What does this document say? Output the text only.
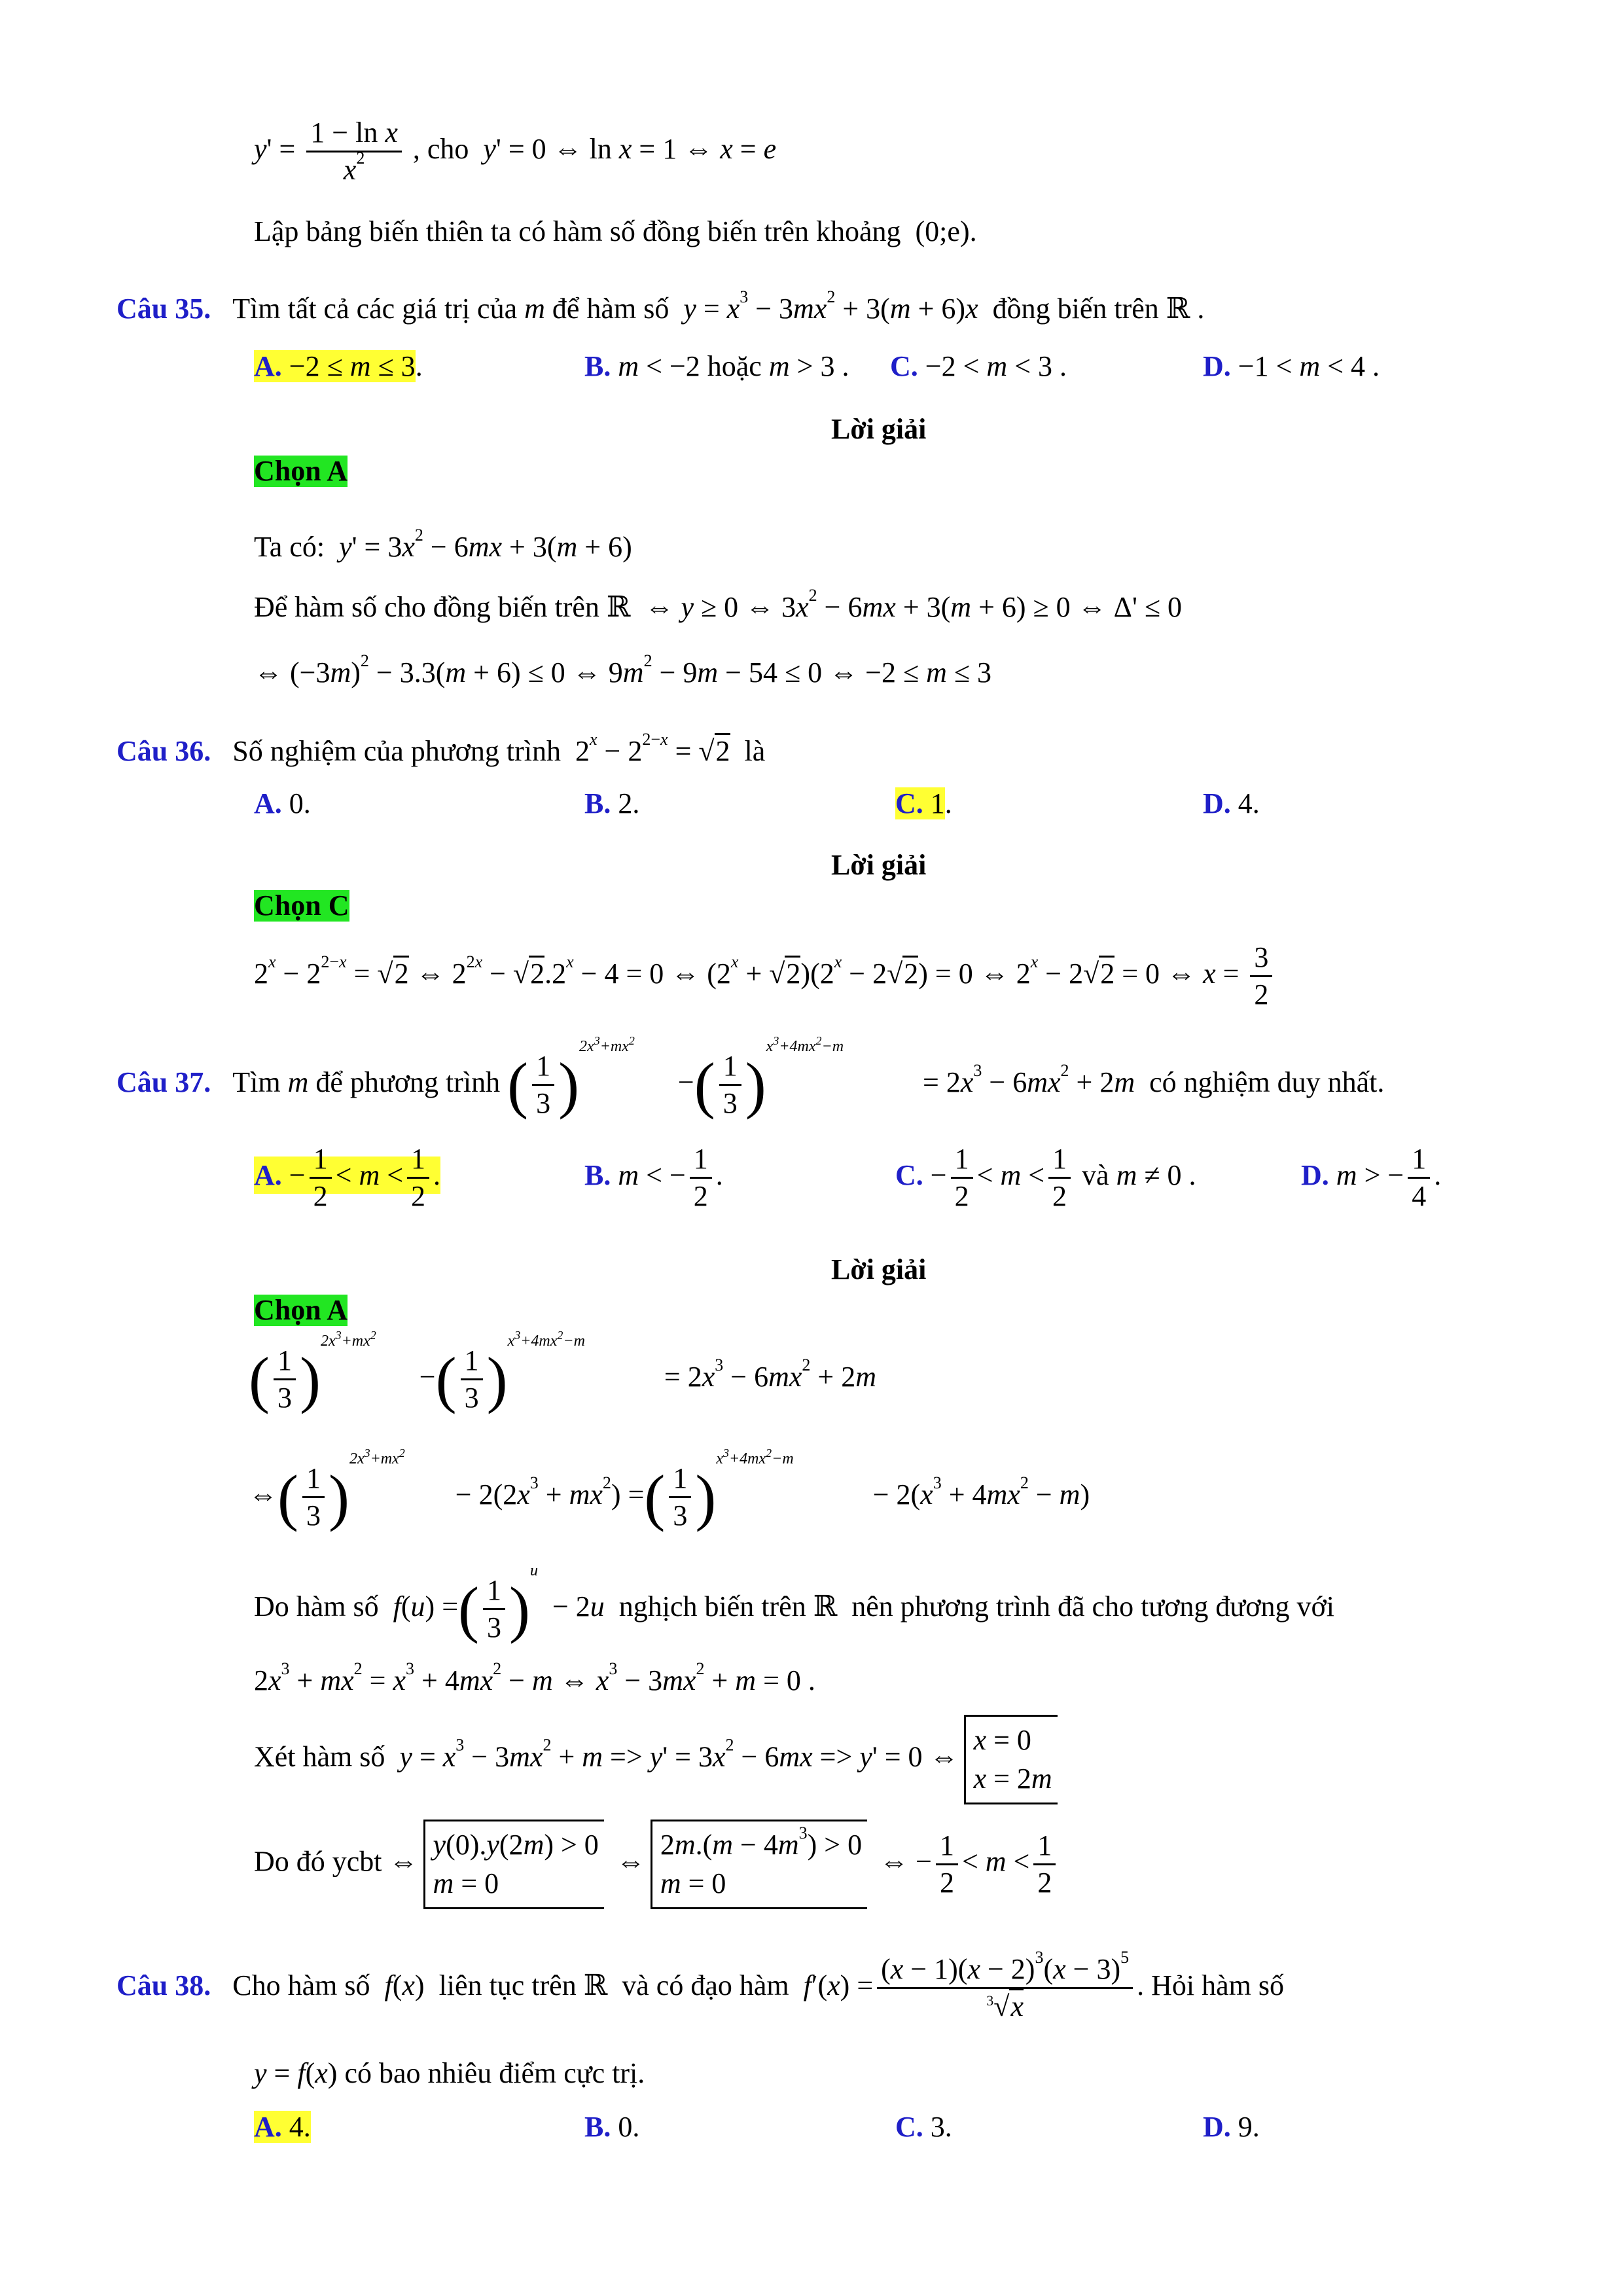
$y' = \frac{\text{1 − ln x}}{x^2}$ , cho y' = 0 ⇔ ln x = 1 ⇔ x = e
Lập bảng biến thiên ta có hàm số đồng biến trên khoảng  (0;e).
Câu 35. Tìm tất cả các giá trị của m để hàm số $y = x^3 - 3mx^2 + 3(m + 6)x$ đồng biến trên ℝ .
A. −2 ≤ m ≤ 3.	B. m < −2 hoặc m > 3 . C. −2 < m < 3 .	D. −1 < m < 4 .
Lời giải
Chọn A
Ta có: $y' = 3x^2 - 6mx + 3(m + 6)$
Để hàm số cho đồng biến trên ℝ  ⇔ y ≥ 0 ⇔ $3x^2 - 6mx + 3(m + 6) \ge 0$ ⇔ Δ' ≤ 0
⇔ $(-3m)^2 - 3.3(m + 6) \le 0$ ⇔ $9m^2 - 9m - 54 \le 0$ ⇔ −2 ≤ m ≤ 3
Câu 36. Số nghiệm của phương trình  $2^x - 2^{2-x} = √2$ là
A. 0.	B. 2.	C. 1.	D. 4.
Lời giải
Chọn C
$2^x - 2^{2-x} = √2$ ⇔ $2^{2x} - √2.2^x - 4 = 0$ ⇔ $(2^x + √2)(2^x - 2√2) = 0$ ⇔ $2^x - 2√2 = 0$ ⇔ $x = \frac{3}{2}$
Câu 37. Tìm m để phương trình ( $\frac{1}{3} )^{2x^3+mx^2}$      −( $\frac{1}{3} )^{x^3+4mx^2-m}$           = $2x^3 - 6mx^2 + 2m$ có nghiệm duy nhất.
A. − $\frac{1}{2} < m < \frac{1}{2}$ .	B. m < − $\frac{1}{2}$ .	C. − $\frac{1}{2} < m < \frac{1}{2}$ và m ≠ 0 .	D. m > − $\frac{1}{4}$ .
Lời giải
Chọn A
( $\frac{1}{3} )^{2x^3+mx^2}$      −( $\frac{1}{3} )^{x^3+4mx^2-m}$           = $2x^3 - 6mx^2 + 2m$
⇔( $\frac{1}{3} )^{2x^3+mx^2}$       − $2(2x^3 + mx^2)$ =( $\frac{1}{3} )^{x^3+4mx^2-m}$           − $2(x^3 + 4mx^2 - m)$
Do hàm số f(u) =( $\frac{1}{3} )^u - 2u$ nghịch biến trên ℝ  nên phương trình đã cho tương đương với
$2x^3 + mx^2 = x^3 + 4mx^2 - m$ ⇔ $x^3 - 3mx^2 + m = 0$ .
Xét hàm số $y = x^3 - 3mx^2 + m => y' = 3x^2 - 6mx => y' = 0$ ⇔x = 0
x = 2m
Do đó ycbt ⇔y(0).y(2m) > 0
m = 0 ⇔2m.(m − $4m^3) > 0$
m = 0 ⇔ − $\frac{1}{2} < m < \frac{1}{2}$
Câu 38. Cho hàm số f(x)  liên tục trên ℝ  và có đạo hàm $f'(x) = \frac{(x - 1)(x - 2)^3(x - 3)^5}{^3√x}$ . Hỏi hàm số
y = f(x) có bao nhiêu điểm cực trị.
A. 4.	B. 0.	C. 3.	D. 9.
